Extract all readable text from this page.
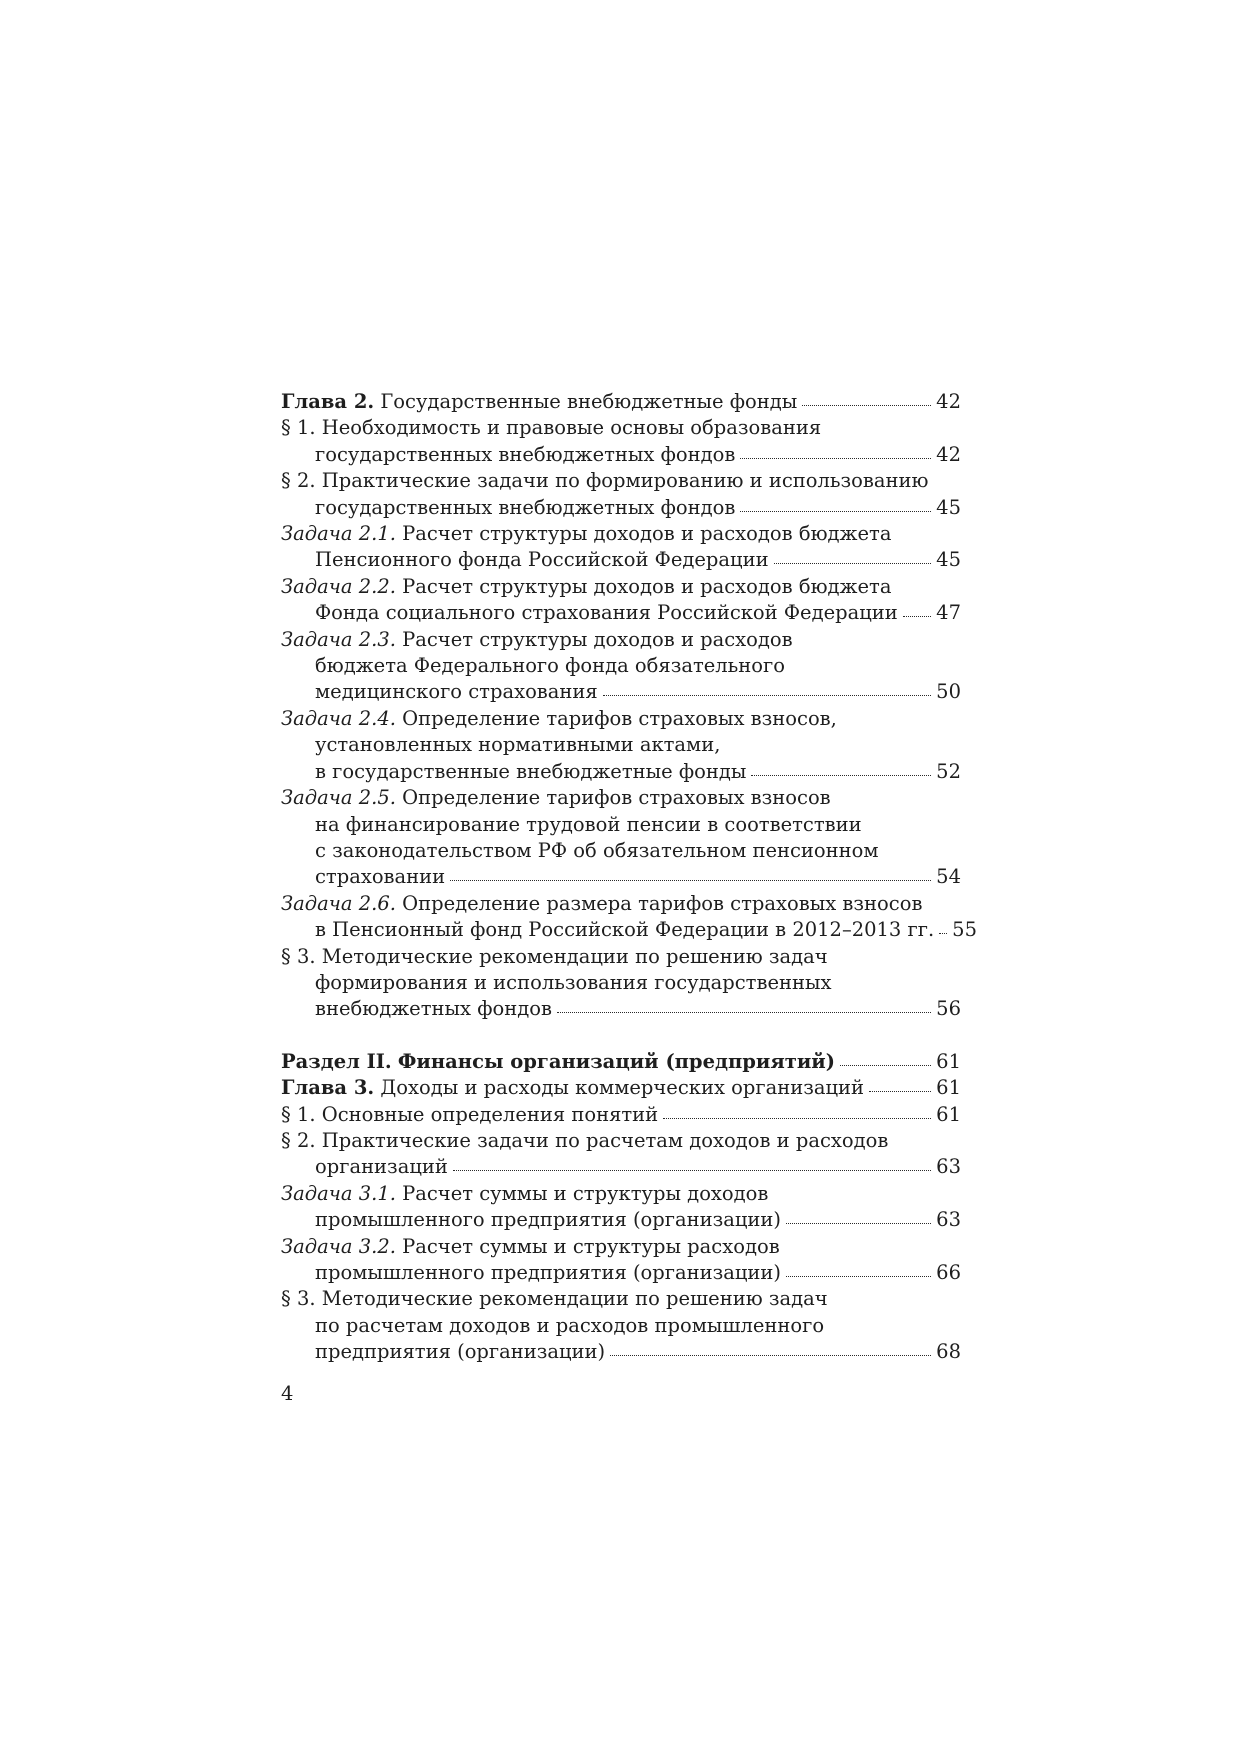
Глава 2.
Государственные внебюджетные фонды	42
§ 1. Необходимость и правовые основы образования
государственных внебюджетных фондов	42
§ 2. Практические задачи по формированию и использованию
государственных внебюджетных фондов	45
Задача 2.1.
Расчет структуры доходов и расходов бюджета
Пенсионного фонда Российской Федерации	45
Задача 2.2.
Расчет структуры доходов и расходов бюджета
Фонда социального страхования Российской Федерации 47
Задача 2.3.
Расчет структуры доходов и расходов
бюджета Федерального фонда обязательного
медицинского страхования	50
Задача 2.4.
Определение тарифов страховых взносов,
установленных нормативными актами,
в государственные внебюджетные фонды	52
Задача 2.5.
Определение тарифов страховых взносов
на финансирование трудовой пенсии в соответствии
с законодательством РФ об обязательном пенсионном
страховании	54
Задача 2.6.
Определение размера тарифов страховых взносов
в Пенсионный фонд Российской Федерации в 2012–2013 гг. 55
§ 3. Методические рекомендации по решению задач
формирования и использования государственных
внебюджетных фондов	56
Раздел II.
Финансы организаций (предприятий)	61
Глава 3.
Доходы и расходы коммерческих организаций	61
§ 1. Основные определения понятий	61
§ 2. Практические задачи по расчетам доходов и расходов
организаций	63
Задача 3.1.
Расчет суммы и структуры доходов
промышленного предприятия (организации)	63
Задача 3.2.
Расчет суммы и структуры расходов
промышленного предприятия (организации)	66
§ 3. Методические рекомендации по решению задач
по расчетам доходов и расходов промышленного
предприятия (организации)	68
4
